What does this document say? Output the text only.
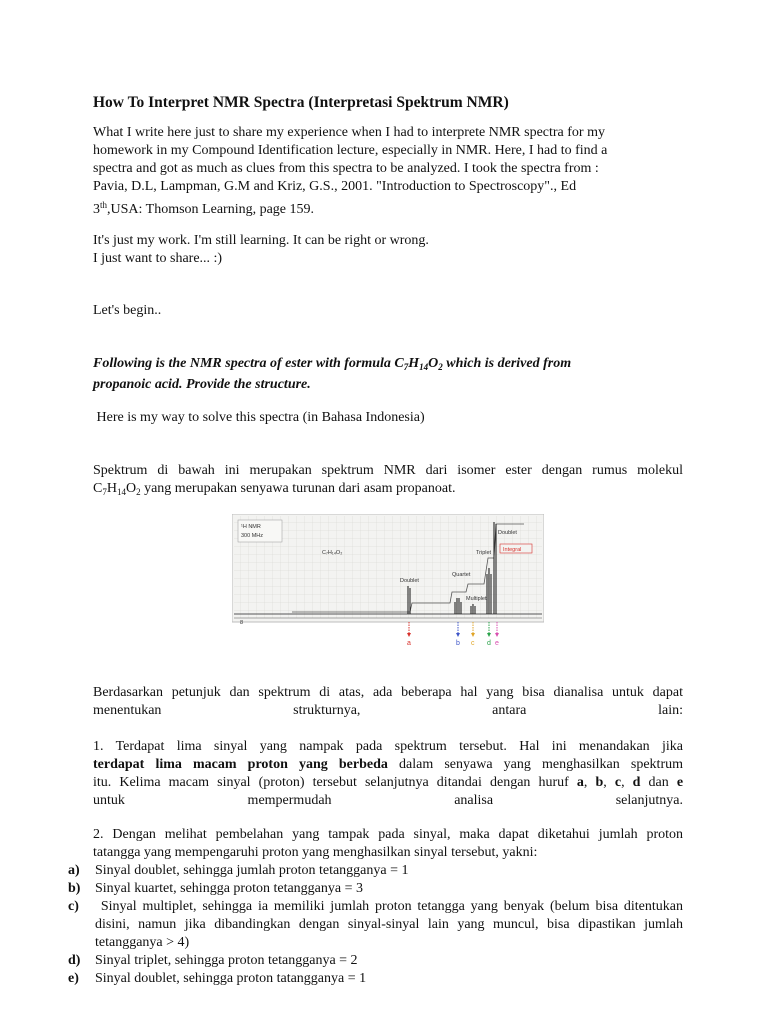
How To Interpret NMR Spectra (Interpretasi Spektrum NMR)
What I write here just to share my experience when I had to interprete NMR spectra for my
homework in my Compound Identification lecture, especially in NMR. Here, I had to find a
spectra and got as much as clues from this spectra to be analyzed. I took the spectra from :
Pavia, D.L, Lampman, G.M and Kriz, G.S., 2001. "Introduction to Spectroscopy"., Ed
3th,USA: Thomson Learning, page 159.
It's just my work. I'm still learning. It can be right or wrong.
I just want to share... :)
Let's begin..
Following is the NMR spectra of ester with formula $C_7H_{14}O_2$ which is derived from
propanoic acid. Provide the structure.
Here is my way to solve this spectra (in Bahasa Indonesia)
Spektrum di bawah ini merupakan spektrum NMR dari isomer ester dengan rumus molekul
$C_7H_{14}O_2$ yang merupakan senyawa turunan dari asam propanoat.
8
¹H NMR
300 MHz
C₇H₁₄O₂
Doublet
Quartet
Multiplet
Triplet
Doublet
Integral
a	b c d e
Berdasarkan petunjuk dan spektrum di atas, ada beberapa hal yang bisa dianalisa untuk dapat
menentukan strukturnya, antara lain:
1. Terdapat lima sinyal yang nampak pada spektrum tersebut. Hal ini menandakan jika
terdapat lima macam proton yang berbeda dalam senyawa yang menghasilkan spektrum
itu. Kelima macam sinyal (proton) tersebut selanjutnya ditandai dengan huruf a, b, c, d dan e
untuk mempermudah analisa selanjutnya.
2. Dengan melihat pembelahan yang tampak pada sinyal, maka dapat diketahui jumlah proton
tatangga yang mempengaruhi proton yang menghasilkan sinyal tersebut, yakni:
a) Sinyal doublet, sehingga jumlah proton tetangganya = 1
b) Sinyal kuartet, sehingga proton tetangganya = 3
c) Sinyal multiplet, sehingga ia memiliki jumlah proton tetangga yang benyak (belum bisa ditentukan disini, namun jika dibandingkan dengan sinyal-sinyal lain yang muncul, bisa dipastikan jumlah tetangganya > 4)
d) Sinyal triplet, sehingga proton tetangganya = 2
e) Sinyal doublet, sehingga proton tatangganya = 1
